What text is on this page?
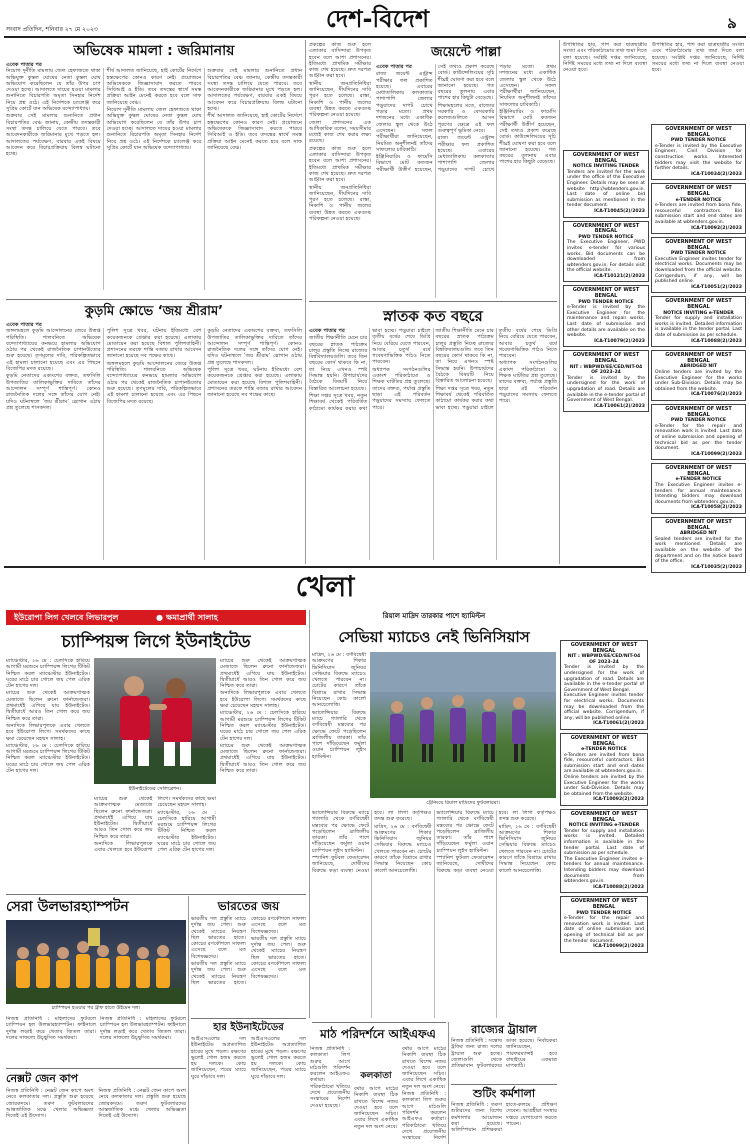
সংবাদ প্রতিদিন, শনিবার ২৭ মে ২০২৩	দেশ-বিদেশ	৯
অভিষেক মামলা : জরিমানায়
এবেক পাতার পর

নিয়োগ দুর্নীতি মামলায় জেল হেফাজতে থাকা অভিযুক্ত কুন্তল ঘোষের নেতা কুন্তল ঘোষ অভিযোগ করেছিলেন যে তাঁর উপর চাপ দেওয়া হচ্ছে। আদালতে দায়ের হওয়া মামলার শুনানিতে বিচারপতি অমৃতা সিনহার নির্দেশ নিয়ে প্রশ্ন ওঠে। এই নির্দেশকে চ্যালেঞ্জ করে সুপ্রিম কোর্টে যান অভিষেক বন্দ্যোপাধ্যায়।

শুক্রবার সেই মামলার শুনানিতে প্রধান বিচারপতির বেঞ্চ জানায়, কেন্দ্রীয় তদন্তকারী সংস্থা তদন্ত চালিয়ে যেতে পারবে। তবে আবেদনকারীকে জরিমানার মুখে পড়তে হল। আদালতের পর্যবেক্ষণ, বারবার একই বিষয়ে আবেদন করে বিচারপ্রক্রিয়ায় বিলম্ব ঘটানো হচ্ছে।

শীর্ষ আদালত জানিয়েছে, হাই কোর্টের নির্দেশে হস্তক্ষেপের কোনও কারণ নেই। প্রয়োজনে অভিষেককে জিজ্ঞাসাবাদ করতে পারবে সিবিআই ও ইডি। তবে তদন্তের স্বার্থে সমস্ত প্রক্রিয়া আইন মেনেই করতে হবে বলে সাফ জানিয়েছে বেঞ্চ।

নিয়োগ দুর্নীতি মামলায় জেল হেফাজতে থাকা অভিযুক্ত কুন্তল ঘোষের নেতা কুন্তল ঘোষ অভিযোগ করেছিলেন যে তাঁর উপর চাপ দেওয়া হচ্ছে। আদালতে দায়ের হওয়া মামলার শুনানিতে বিচারপতি অমৃতা সিনহার নির্দেশ নিয়ে প্রশ্ন ওঠে। এই নির্দেশকে চ্যালেঞ্জ করে সুপ্রিম কোর্টে যান অভিষেক বন্দ্যোপাধ্যায়।

শুক্রবার সেই মামলার শুনানিতে প্রধান বিচারপতির বেঞ্চ জানায়, কেন্দ্রীয় তদন্তকারী সংস্থা তদন্ত চালিয়ে যেতে পারবে। তবে আবেদনকারীকে জরিমানার মুখে পড়তে হল। আদালতের পর্যবেক্ষণ, বারবার একই বিষয়ে আবেদন করে বিচারপ্রক্রিয়ায় বিলম্ব ঘটানো হচ্ছে।

শীর্ষ আদালত জানিয়েছে, হাই কোর্টের নির্দেশে হস্তক্ষেপের কোনও কারণ নেই। প্রয়োজনে অভিষেককে জিজ্ঞাসাবাদ করতে পারবে সিবিআই ও ইডি। তবে তদন্তের স্বার্থে সমস্ত প্রক্রিয়া আইন মেনেই করতে হবে বলে সাফ জানিয়েছে বেঞ্চ।

কুড়মি ক্ষোভে ‘জয় শ্রীরাম’
এবেক পাতার পর

জঙ্গলমহলে কুড়মি আন্দোলনের জেরে উত্তপ্ত পরিস্থিতি। শালবনিতে অভিষেক বন্দ্যোপাধ্যায়ের কনভয়ে হামলার অভিযোগ ওঠার পর থেকেই রাজনৈতিক চাপানউতোর শুরু হয়েছে। তৃণমূলের দাবি, পরিকল্পিতভাবে এই হামলা চালানো হয়েছে এবং এর পিছনে বিজেপির মদত রয়েছে।

কুড়মি নেতাদের একাংশের বক্তব্য, তফসিলি উপজাতির তালিকাভুক্তির দাবিতে তাঁদের আন্দোলন সম্পূর্ণ শান্তিপূর্ণ। কোনও রাজনৈতিক দলের সঙ্গে তাঁদের যোগ নেই। যদিও ঘটনাস্থলে ‘জয় শ্রীরাম’ স্লোগান ওঠায় প্রশ্ন তুলেছে শাসকদল।

পুলিশ সূত্রে খবর, ঘটনায় ইতিমধ্যে বেশ কয়েকজনকে গ্রেপ্তার করা হয়েছে। এলাকায় মোতায়েন করা হয়েছে বিশাল পুলিশবাহিনী। প্রশাসনের তরফে শান্তি বজায় রাখার আবেদন জানানো হয়েছে সব পক্ষের কাছে।

জঙ্গলমহলে কুড়মি আন্দোলনের জেরে উত্তপ্ত পরিস্থিতি। শালবনিতে অভিষেক বন্দ্যোপাধ্যায়ের কনভয়ে হামলার অভিযোগ ওঠার পর থেকেই রাজনৈতিক চাপানউতোর শুরু হয়েছে। তৃণমূলের দাবি, পরিকল্পিতভাবে এই হামলা চালানো হয়েছে এবং এর পিছনে বিজেপির মদত রয়েছে।

কুড়মি নেতাদের একাংশের বক্তব্য, তফসিলি উপজাতির তালিকাভুক্তির দাবিতে তাঁদের আন্দোলন সম্পূর্ণ শান্তিপূর্ণ। কোনও রাজনৈতিক দলের সঙ্গে তাঁদের যোগ নেই। যদিও ঘটনাস্থলে ‘জয় শ্রীরাম’ স্লোগান ওঠায় প্রশ্ন তুলেছে শাসকদল।

পুলিশ সূত্রে খবর, ঘটনায় ইতিমধ্যে বেশ কয়েকজনকে গ্রেপ্তার করা হয়েছে। এলাকায় মোতায়েন করা হয়েছে বিশাল পুলিশবাহিনী। প্রশাসনের তরফে শান্তি বজায় রাখার আবেদন জানানো হয়েছে সব পক্ষের কাছে।

প্রকল্পের কাজ শুরু হলে এলাকার বাসিন্দারা উপকৃত হবেন বলে আশা প্রশাসনের। ইতিমধ্যে প্রাথমিক সমীক্ষার কাজ শেষ হয়েছে। দ্রুত দরপত্র আহ্বান করা হবে।

স্থানীয় জনপ্রতিনিধিরা জানিয়েছেন, দীর্ঘদিনের দাবি পূরণ হতে চলেছে। রাস্তা, নিকাশি ও পানীয় জলের ব্যবস্থা উন্নত করতে একগুচ্ছ পরিকল্পনা নেওয়া হয়েছে।

জেলা প্রশাসনের এক আধিকারিক বলেন, সময়সীমার মধ্যেই কাজ শেষ করার লক্ষ্য রয়েছে।

প্রকল্পের কাজ শুরু হলে এলাকার বাসিন্দারা উপকৃত হবেন বলে আশা প্রশাসনের। ইতিমধ্যে প্রাথমিক সমীক্ষার কাজ শেষ হয়েছে। দ্রুত দরপত্র আহ্বান করা হবে।

স্থানীয় জনপ্রতিনিধিরা জানিয়েছেন, দীর্ঘদিনের দাবি পূরণ হতে চলেছে। রাস্তা, নিকাশি ও পানীয় জলের ব্যবস্থা উন্নত করতে একগুচ্ছ পরিকল্পনা নেওয়া হয়েছে।

জয়েন্টে পাল্লা

এবেক পাতার পর

রাজ্য জয়েন্ট এন্ট্রান্স পরীক্ষার ফল প্রকাশিত হয়েছে। এবারের মেধাতালিকায় কলকাতার পাশাপাশি জেলার পড়ুয়াদের দাপট চোখে পড়ার মতো। প্রথম দশজনের মধ্যে একাধিক জেলার স্কুল থেকে উঠে এসেছেন। সফল পরীক্ষার্থীরা জানিয়েছেন, নিয়মিত অনুশীলনই তাঁদের সাফল্যের চাবিকাঠি।

ইঞ্জিনিয়ারিং ও ফার্মেসি বিভাগে মোট কতজন পরীক্ষার্থী উত্তীর্ণ হয়েছেন, সেই তথ্যও প্রকাশ করেছে বোর্ড। কাউন্সেলিংয়ের সূচি শীঘ্রই ঘোষণা করা হবে বলে জানানো হয়েছে। গত বছরের তুলনায় এবার পাশের হার কিছুটা বেড়েছে।

শিক্ষামহলের মতে, রাজ্যের সরকারি ও বেসরকারি কলেজগুলিতে আসন পূরণের ক্ষেত্রে এই ফল গুরুত্বপূর্ণ ভূমিকা নেবে।

রাজ্য জয়েন্ট এন্ট্রান্স পরীক্ষার ফল প্রকাশিত হয়েছে। এবারের মেধাতালিকায় কলকাতার পাশাপাশি জেলার পড়ুয়াদের দাপট চোখে পড়ার মতো। প্রথম দশজনের মধ্যে একাধিক জেলার স্কুল থেকে উঠে এসেছেন। সফল পরীক্ষার্থীরা জানিয়েছেন, নিয়মিত অনুশীলনই তাঁদের সাফল্যের চাবিকাঠি।

ইঞ্জিনিয়ারিং ও ফার্মেসি বিভাগে মোট কতজন পরীক্ষার্থী উত্তীর্ণ হয়েছেন, সেই তথ্যও প্রকাশ করেছে বোর্ড। কাউন্সেলিংয়ের সূচি শীঘ্রই ঘোষণা করা হবে বলে জানানো হয়েছে। গত বছরের তুলনায় এবার পাশের হার কিছুটা বেড়েছে।

স্নাতক কত বছরে

এবেক পাতার পর

জাতীয় শিক্ষানীতি মেনে চার বছরের স্নাতক পাঠ্যক্রম চালুর প্রস্তুতি নিচ্ছে রাজ্যের বিশ্ববিদ্যালয়গুলি। তবে তিন বছরের কোর্স থাকবে কি না, তা নিয়ে এখনও স্পষ্ট সিদ্ধান্ত হয়নি। উপাচার্যদের বৈঠকে বিষয়টি নিয়ে বিস্তারিত আলোচনা হয়েছে।

শিক্ষা দপ্তর সূত্রে খবর, নতুন শিক্ষাবর্ষ থেকেই পরিবর্তিত কাঠামো কার্যকর করার কথা ভাবা হচ্ছে। পড়ুয়ারা চাইলে তৃতীয় বর্ষের শেষে ডিগ্রি নিয়ে বেরিয়ে যেতে পারবেন, আবার চতুর্থ বর্ষে গবেষণাভিত্তিক পাঠও নিতে পারবেন।

অধ্যাপক সংগঠনগুলির একাংশ পরিকাঠামো ও শিক্ষক ঘাটতির প্রশ্ন তুলেছে। তাদের বক্তব্য, পর্যাপ্ত প্রস্তুতি ছাড়া এই পরিবর্তন পড়ুয়াদের সমস্যায় ফেলতে পারে।

জাতীয় শিক্ষানীতি মেনে চার বছরের স্নাতক পাঠ্যক্রম চালুর প্রস্তুতি নিচ্ছে রাজ্যের বিশ্ববিদ্যালয়গুলি। তবে তিন বছরের কোর্স থাকবে কি না, তা নিয়ে এখনও স্পষ্ট সিদ্ধান্ত হয়নি। উপাচার্যদের বৈঠকে বিষয়টি নিয়ে বিস্তারিত আলোচনা হয়েছে।

শিক্ষা দপ্তর সূত্রে খবর, নতুন শিক্ষাবর্ষ থেকেই পরিবর্তিত কাঠামো কার্যকর করার কথা ভাবা হচ্ছে। পড়ুয়ারা চাইলে তৃতীয় বর্ষের শেষে ডিগ্রি নিয়ে বেরিয়ে যেতে পারবেন, আবার চতুর্থ বর্ষে গবেষণাভিত্তিক পাঠও নিতে পারবেন।

অধ্যাপক সংগঠনগুলির একাংশ পরিকাঠামো ও শিক্ষক ঘাটতির প্রশ্ন তুলেছে। তাদের বক্তব্য, পর্যাপ্ত প্রস্তুতি ছাড়া এই পরিবর্তন পড়ুয়াদের সমস্যায় ফেলতে পারে।

উপস্থিতির হার, পাশ করা ছাত্রছাত্রীর সংখ্যা এবং পরিকাঠামোর তথ্য জমা দিতে বলা হয়েছে। সংশ্লিষ্ট দপ্তর জানিয়েছে, নির্দিষ্ট সময়ের মধ্যে তথ্য না দিলে ব্যবস্থা নেওয়া হবে।

উপস্থিতির হার, পাশ করা ছাত্রছাত্রীর সংখ্যা এবং পরিকাঠামোর তথ্য জমা দিতে বলা হয়েছে। সংশ্লিষ্ট দপ্তর জানিয়েছে, নির্দিষ্ট সময়ের মধ্যে তথ্য না দিলে ব্যবস্থা নেওয়া হবে।

GOVERNMENT OF WEST BENGAL
NOTICE INVITING TENDER
Tenders are invited for the work under the office of the Executive Engineer. Details may be seen at website http://wbtenders.gov.in. Last date of online bid submission as mentioned in the tender document.
ICA-T10045(2)/2023
GOVERNMENT OF WEST BENGAL
PWD TENDER NOTICE
The Executive Engineer, PWD invites e-tender for various works. Bid documents can be downloaded from wbtenders.gov.in. For details visit the official website.
ICA-T10121(2)/2023
GOVERNMENT OF WEST BENGAL
PWD TENDER NOTICE
e-Tender is invited by the Executive Engineer for the maintenance and repair works. Last date of submission and other details are available on the website.
ICA-T10079(2)/2023
GOVERNMENT OF WEST BENGAL
NIT : WBPWD/EE/CED/NIT-04 OF 2023-24
Tender is invited by the undersigned for the work of upgradation of road. Details are available in the e-tender portal of Government of West Bengal.
ICA-T10061(2)/2023
GOVERNMENT OF WEST BENGAL
PWD TENDER NOTICE
e-Tender is invited by the Executive Engineer, Civil Division for construction works. Interested bidders may visit the website for further details.
ICA-T10034(2)/2023
GOVERNMENT OF WEST BENGAL
e-TENDER NOTICE
e-Tenders are invited from bona fide, resourceful contractors. Bid submission start and end dates are available at wbtenders.gov.in.
ICA-T10092(2)/2023
GOVERNMENT OF WEST BENGAL
PWD TENDER NOTICE
Executive Engineer invites tender for electrical works. Documents may be downloaded from the official website. Corrigendum, if any, will be published online.
ICA-T10051(2)/2023
GOVERNMENT OF WEST BENGAL
NOTICE INVITING e-TENDER
Tender for supply and installation works is invited. Detailed information is available in the tender portal. Last date of submission as per schedule.
ICA-T10088(2)/2023
GOVERNMENT OF WEST BENGAL
ABRIDGED NIT
Online tenders are invited by the Executive Engineer for the works under Sub-Division. Details may be obtained from the website.
ICA-T10076(2)/2023
GOVERNMENT OF WEST BENGAL
PWD TENDER NOTICE
e-Tender for the repair and renovation work is invited. Last date of online submission and opening of technical bid as per the tender document.
ICA-T10099(2)/2023
GOVERNMENT OF WEST BENGAL
e-TENDER NOTICE
The Executive Engineer invites e-tenders for annual maintenance. Intending bidders may download documents from wbtenders.gov.in.
ICA-T10058(2)/2023
GOVERNMENT OF WEST BENGAL
ABRIDGED NIT
Sealed tenders are invited for the work mentioned. Details are available on the website of the department and on the notice board of the office.
ICA-T10035(2)/2023
GOVERNMENT OF WEST BENGAL
NIT : WBPWD/EE/CED/NIT-04 OF 2023-24
Tender is invited by the undersigned for the work of upgradation of road. Details are available in the e-tender portal of Government of West Bengal.
Executive Engineer invites tender for electrical works. Documents may be downloaded from the official website. Corrigendum, if any, will be published online.
ICA-T10061(2)/2023
GOVERNMENT OF WEST BENGAL
e-TENDER NOTICE
e-Tenders are invited from bona fide, resourceful contractors. Bid submission start and end dates are available at wbtenders.gov.in.
Online tenders are invited by the Executive Engineer for the works under Sub-Division. Details may be obtained from the website.
ICA-T10092(2)/2023
GOVERNMENT OF WEST BENGAL
NOTICE INVITING e-TENDER
Tender for supply and installation works is invited. Detailed information is available in the tender portal. Last date of submission as per schedule.
The Executive Engineer invites e-tenders for annual maintenance. Intending bidders may download documents from wbtenders.gov.in.
ICA-T10088(2)/2023
GOVERNMENT OF WEST BENGAL
PWD TENDER NOTICE
e-Tender for the repair and renovation work is invited. Last date of online submission and opening of technical bid as per the tender document.
ICA-T10099(2)/2023
খেলা
ইউরোপা লিগ খেলবে লিভারপুল	● ক্ষমাপ্রার্থী সালাহ
চ্যাম্পিয়ন্স লিগে ইউনাইটেড

ম্যাঞ্চেস্টার, ২৬ মে : চেলসিকে হারিয়ে আগামী মরশুমে চ্যাম্পিয়ন্স লিগের টিকিট নিশ্চিত করল ম্যাঞ্চেস্টার ইউনাইটেড। ঘরের মাঠে চার গোলে জয় পেল এরিক টেন হাগের দল।

ম্যাচের শুরু থেকেই আক্রমণাত্মক মেজাজে ছিলেন ব্রুনো ফার্নান্ডেজরা। প্রথমার্ধেই এগিয়ে যায় ইউনাইটেড। দ্বিতীয়ার্ধে আরও তিন গোল করে জয় নিশ্চিত করে তারা।

অন্যদিকে লিভারপুলকে এবার খেলতে হবে ইউরোপা লিগে। সমর্থকদের কাছে ক্ষমা চেয়েছেন মহম্মদ সালাহ।

ম্যাঞ্চেস্টার, ২৬ মে : চেলসিকে হারিয়ে আগামী মরশুমে চ্যাম্পিয়ন্স লিগের টিকিট নিশ্চিত করল ম্যাঞ্চেস্টার ইউনাইটেড। ঘরের মাঠে চার গোলে জয় পেল এরিক টেন হাগের দল।

ইউনাইটেডের সেলিব্রেশন।

ম্যাচের শুরু থেকেই আক্রমণাত্মক মেজাজে ছিলেন ব্রুনো ফার্নান্ডেজরা। প্রথমার্ধেই এগিয়ে যায় ইউনাইটেড। দ্বিতীয়ার্ধে আরও তিন গোল করে জয় নিশ্চিত করে তারা।

অন্যদিকে লিভারপুলকে এবার খেলতে হবে ইউরোপা লিগে। সমর্থকদের কাছে ক্ষমা চেয়েছেন মহম্মদ সালাহ।

ম্যাঞ্চেস্টার, ২৬ মে : চেলসিকে হারিয়ে আগামী মরশুমে চ্যাম্পিয়ন্স লিগের টিকিট নিশ্চিত করল ম্যাঞ্চেস্টার ইউনাইটেড। ঘরের মাঠে চার গোলে জয় পেল এরিক টেন হাগের দল।

ম্যাচের শুরু থেকেই আক্রমণাত্মক মেজাজে ছিলেন ব্রুনো ফার্নান্ডেজরা। প্রথমার্ধেই এগিয়ে যায় ইউনাইটেড। দ্বিতীয়ার্ধে আরও তিন গোল করে জয় নিশ্চিত করে তারা।

অন্যদিকে লিভারপুলকে এবার খেলতে হবে ইউরোপা লিগে। সমর্থকদের কাছে ক্ষমা চেয়েছেন মহম্মদ সালাহ।

ম্যাঞ্চেস্টার, ২৬ মে : চেলসিকে হারিয়ে আগামী মরশুমে চ্যাম্পিয়ন্স লিগের টিকিট নিশ্চিত করল ম্যাঞ্চেস্টার ইউনাইটেড। ঘরের মাঠে চার গোলে জয় পেল এরিক টেন হাগের দল।

ম্যাচের শুরু থেকেই আক্রমণাত্মক মেজাজে ছিলেন ব্রুনো ফার্নান্ডেজরা। প্রথমার্ধেই এগিয়ে যায় ইউনাইটেড। দ্বিতীয়ার্ধে আরও তিন গোল করে জয় নিশ্চিত করে তারা।

সেরা উলভারহ্যাম্পটন
চ্যাম্পিয়ন হওয়ার পর ট্রফি হাতে উইমেন দল।

নিজস্ব প্রতিনিধি : মহিলাদের ফুটবলে চ্যাম্পিয়ন হল উলভারহ্যাম্পটন। ফাইনালে দুর্দান্ত লড়াই করে খেতাব জিতল তারা। দলের সাফল্যে উচ্ছ্বসিত সমর্থকরা।

নিজস্ব প্রতিনিধি : মহিলাদের ফুটবলে চ্যাম্পিয়ন হল উলভারহ্যাম্পটন। ফাইনালে দুর্দান্ত লড়াই করে খেতাব জিতল তারা। দলের সাফল্যে উচ্ছ্বসিত সমর্থকরা।

নেক্সট জেন কাপ

নিজস্ব প্রতিনিধি : নেক্সট জেন কাপে অংশ নেবে কলকাতার দল। প্রস্তুতি শুরু হয়েছে জোরকদমে। তরুণ ফুটবলারদের আন্তর্জাতিক মঞ্চে খেলার অভিজ্ঞতা দিতেই এই উদ্যোগ।

নিজস্ব প্রতিনিধি : নেক্সট জেন কাপে অংশ নেবে কলকাতার দল। প্রস্তুতি শুরু হয়েছে জোরকদমে। তরুণ ফুটবলারদের আন্তর্জাতিক মঞ্চে খেলার অভিজ্ঞতা দিতেই এই উদ্যোগ।

ভারতের জয়

ভারতীয় দল প্রস্তুতি ম্যাচে দুর্দান্ত জয় পেল। শুরু থেকেই ম্যাচের নিয়ন্ত্রণ ছিল ভারতের হাতে। কোচের রণকৌশলে সাফল্য এসেছে বলে মত বিশেষজ্ঞদের।

ভারতীয় দল প্রস্তুতি ম্যাচে দুর্দান্ত জয় পেল। শুরু থেকেই ম্যাচের নিয়ন্ত্রণ ছিল ভারতের হাতে। কোচের রণকৌশলে সাফল্য এসেছে বলে মত বিশেষজ্ঞদের।

ভারতীয় দল প্রস্তুতি ম্যাচে দুর্দান্ত জয় পেল। শুরু থেকেই ম্যাচের নিয়ন্ত্রণ ছিল ভারতের হাতে। কোচের রণকৌশলে সাফল্য এসেছে বলে মত বিশেষজ্ঞদের।

হার ইউনাইটেডের

আইএসএলের দল ইউনাইটেড অপ্রত্যাশিত হারের মুখে পড়ল। রক্ষণের ভুলেই গোল হজম করতে হয় দলকে। কোচ জানিয়েছেন, পরের ম্যাচে ঘুরে দাঁড়াবে দল।

আইএসএলের দল ইউনাইটেড অপ্রত্যাশিত হারের মুখে পড়ল। রক্ষণের ভুলেই গোল হজম করতে হয় দলকে। কোচ জানিয়েছেন, পরের ম্যাচে ঘুরে দাঁড়াবে দল।

রিয়াল মাদ্রিদ তারকার পাশে হ্যামিল্টন
সেভিয়া ম্যাচেও নেই ভিনিসিয়াস

মাদ্রিদ, ২৬ মে : বর্ণবিদ্বেষী আক্রমণের শিকার ভিনিসিয়াস জুনিয়র সেভিয়ার বিরুদ্ধে ম্যাচেও খেলতে পারবেন না। চোটের কারণে তাঁকে বিশ্রামে রাখার সিদ্ধান্ত নিয়েছেন কোচ কার্লো আনচেলোত্তি।

ভ্যালেন্সিয়ার বিরুদ্ধে ম্যাচে গ্যালারি থেকে বর্ণবিদ্বেষী মন্তব্যের পর ক্ষোভে ফেটে পড়েছিলেন ব্রাজিলীয় তারকা। তাঁর পাশে দাঁড়িয়েছেন ফর্মুলা ওয়ান চ্যাম্পিয়ন লুইস হ্যামিল্টন।

ট্রেনিংয়ে রিয়াল মাদ্রিদের ফুটবলাররা।

ভ্যালেন্সিয়ার বিরুদ্ধে ম্যাচে গ্যালারি থেকে বর্ণবিদ্বেষী মন্তব্যের পর ক্ষোভে ফেটে পড়েছিলেন ব্রাজিলীয় তারকা। তাঁর পাশে দাঁড়িয়েছেন ফর্মুলা ওয়ান চ্যাম্পিয়ন লুইস হ্যামিল্টন।

স্প্যানিশ ফুটবল ফেডারেশন জানিয়েছে, দোষীদের বিরুদ্ধে কড়া ব্যবস্থা নেওয়া হবে। লা লিগা কর্তৃপক্ষও তদন্ত শুরু করেছে।

মাদ্রিদ, ২৬ মে : বর্ণবিদ্বেষী আক্রমণের শিকার ভিনিসিয়াস জুনিয়র সেভিয়ার বিরুদ্ধে ম্যাচেও খেলতে পারবেন না। চোটের কারণে তাঁকে বিশ্রামে রাখার সিদ্ধান্ত নিয়েছেন কোচ কার্লো আনচেলোত্তি।

ভ্যালেন্সিয়ার বিরুদ্ধে ম্যাচে গ্যালারি থেকে বর্ণবিদ্বেষী মন্তব্যের পর ক্ষোভে ফেটে পড়েছিলেন ব্রাজিলীয় তারকা। তাঁর পাশে দাঁড়িয়েছেন ফর্মুলা ওয়ান চ্যাম্পিয়ন লুইস হ্যামিল্টন।

স্প্যানিশ ফুটবল ফেডারেশন জানিয়েছে, দোষীদের বিরুদ্ধে কড়া ব্যবস্থা নেওয়া হবে। লা লিগা কর্তৃপক্ষও তদন্ত শুরু করেছে।

মাদ্রিদ, ২৬ মে : বর্ণবিদ্বেষী আক্রমণের শিকার ভিনিসিয়াস জুনিয়র সেভিয়ার বিরুদ্ধে ম্যাচেও খেলতে পারবেন না। চোটের কারণে তাঁকে বিশ্রামে রাখার সিদ্ধান্ত নিয়েছেন কোচ কার্লো আনচেলোত্তি।

মাঠ পরিদর্শনে আইএফএ

নিজস্ব প্রতিনিধি : কলকাতা লিগ শুরুর আগে মাঠগুলি পরিদর্শন করলেন আইএফএ কর্তারা। পরিকাঠামো খতিয়ে দেখে প্রয়োজনীয় সংস্কারের নির্দেশ দেওয়া হয়েছে।

কলকাতা

বর্ষার আগে মাঠের নিকাশি ব্যবস্থা ঠিক রাখতে বিশেষ নজর দেওয়া হবে বলে জানিয়েছেন সচিব। এবার লিগে একাধিক নতুন দল অংশ নেবে।

বর্ষার আগে মাঠের নিকাশি ব্যবস্থা ঠিক রাখতে বিশেষ নজর দেওয়া হবে বলে জানিয়েছেন সচিব। এবার লিগে একাধিক নতুন দল অংশ নেবে।

নিজস্ব প্রতিনিধি : কলকাতা লিগ শুরুর আগে মাঠগুলি পরিদর্শন করলেন আইএফএ কর্তারা। পরিকাঠামো খতিয়ে দেখে প্রয়োজনীয় সংস্কারের নির্দেশ

রাজ্যের ট্রায়াল

নিজস্ব প্রতিনিধি : সন্তোষ ট্রফির জন্য রাজ্য দলের ট্রায়াল শুরু হচ্ছে। জেলাগুলি থেকে প্রতিভাবান ফুটবলারদের ডাকা হয়েছে। নির্বাচকরা জানিয়েছেন, পারফরম্যান্সই হবে বাছাইয়ের একমাত্র মাপকাঠি।

শুটিং কর্মশালা

নিজস্ব প্রতিনিধি : তরুণ শুটারদের জন্য বিশেষ কর্মশালার আয়োজন করা হয়েছে। অলিম্পিয়ান প্রশিক্ষকরা হাতে-কলমে প্রশিক্ষণ দেবেন। আগ্রহীরা সংস্থার দপ্তরে যোগাযোগ করতে পারেন।
